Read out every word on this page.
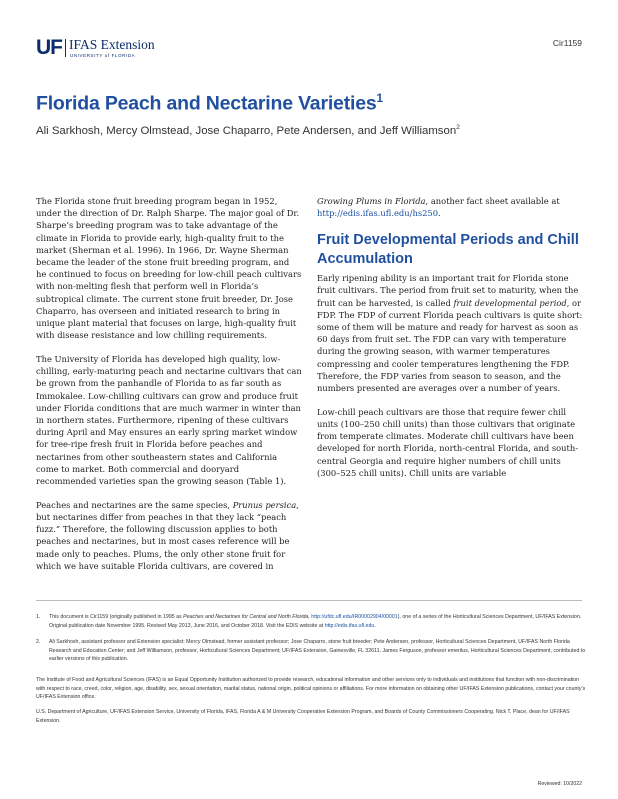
UF IFAS Extension
UNIVERSITY of FLORIDA
Cir1159
Florida Peach and Nectarine Varieties$^1$
Ali Sarkhosh, Mercy Olmstead, Jose Chaparro, Pete Andersen, and Jeff Williamson$^2$

The Florida stone fruit breeding program began in 1952, under the direction of Dr. Ralph Sharpe. The major goal of Dr. Sharpe’s breeding program was to take advantage of the climate in Florida to provide early, high-quality fruit to the market (Sherman et al. 1996). In 1966, Dr. Wayne Sherman became the leader of the stone fruit breeding program, and he continued to focus on breeding for low-chill peach cultivars with non-melting flesh that perform well in Florida’s subtropical climate. The current stone fruit breeder, Dr. Jose Chaparro, has overseen and initiated research to bring in unique plant material that focuses on large, high-quality fruit with disease resistance and low chilling requirements.

The University of Florida has developed high quality, low-chilling, early-maturing peach and nectarine cultivars that can be grown from the panhandle of Florida to as far south as Immokalee. Low-chilling cultivars can grow and produce fruit under Florida conditions that are much warmer in winter than in northern states. Furthermore, ripening of these cultivars during April and May ensures an early spring market window for tree-ripe fresh fruit in Florida before peaches and nectarines from other southeastern states and California come to market. Both commercial and dooryard recommended varieties span the growing season (Table 1).

Peaches and nectarines are the same species, Prunus persica, but nectarines differ from peaches in that they lack “peach fuzz.” Therefore, the following discussion applies to both peaches and nectarines, but in most cases reference will be made only to peaches. Plums, the only other stone fruit for which we have suitable Florida cultivars, are covered in

Growing Plums in Florida, another fact sheet available at http://edis.ifas.ufl.edu/hs250.

Fruit Developmental Periods and Chill Accumulation

Early ripening ability is an important trait for Florida stone fruit cultivars. The period from fruit set to maturity, when the fruit can be harvested, is called fruit developmental period, or FDP. The FDP of current Florida peach cultivars is quite short: some of them will be mature and ready for harvest as soon as 60 days from fruit set. The FDP can vary with temperature during the growing season, with warmer temperatures compressing and cooler temperatures lengthening the FDP. Therefore, the FDP varies from season to season, and the numbers presented are averages over a number of years.

Low-chill peach cultivars are those that require fewer chill units (100–250 chill units) than those cultivars that originate from temperate climates. Moderate chill cultivars have been developed for north Florida, north-central Florida, and south-central Georgia and require higher numbers of chill units (300–525 chill units). Chill units are variable

1.	This document is Cir1159 (originally published in 1995 as Peaches and Nectarines for Central and North Florida, http://ufdc.ufl.edu/IR00002904/00001), one of a series of the Horticultural Sciences Department, UF/IFAS Extension. Original publication date November 1995. Revised May 2013, June 2016, and October 2018. Visit the EDIS website at http://edis.ifas.ufl.edu.
2.	Ali Sarkhosh, assistant professor and Extension specialist; Mercy Olmstead, former assistant professor; Jose Chaparro, stone fruit breeder; Pete Andersen, professor, Horticultural Sciences Department, UF/IFAS North Florida Research and Education Center; and Jeff Williamson, professor, Horticultural Sciences Department; UF/IFAS Extension, Gainesville, FL 32611. James Ferguson, professor emeritus, Horticultural Sciences Department, contributed to earlier versions of this publication.

The Institute of Food and Agricultural Sciences (IFAS) is an Equal Opportunity Institution authorized to provide research, educational information and other services only to individuals and institutions that function with non-discrimination with respect to race, creed, color, religion, age, disability, sex, sexual orientation, marital status, national origin, political opinions or affiliations. For more information on obtaining other UF/IFAS Extension publications, contact your county’s UF/IFAS Extension office.

U.S. Department of Agriculture, UF/IFAS Extension Service, University of Florida, IFAS, Florida A & M University Cooperative Extension Program, and Boards of County Commissioners Cooperating. Nick T. Place, dean for UF/IFAS Extension.

Reviewed: 10/2022
